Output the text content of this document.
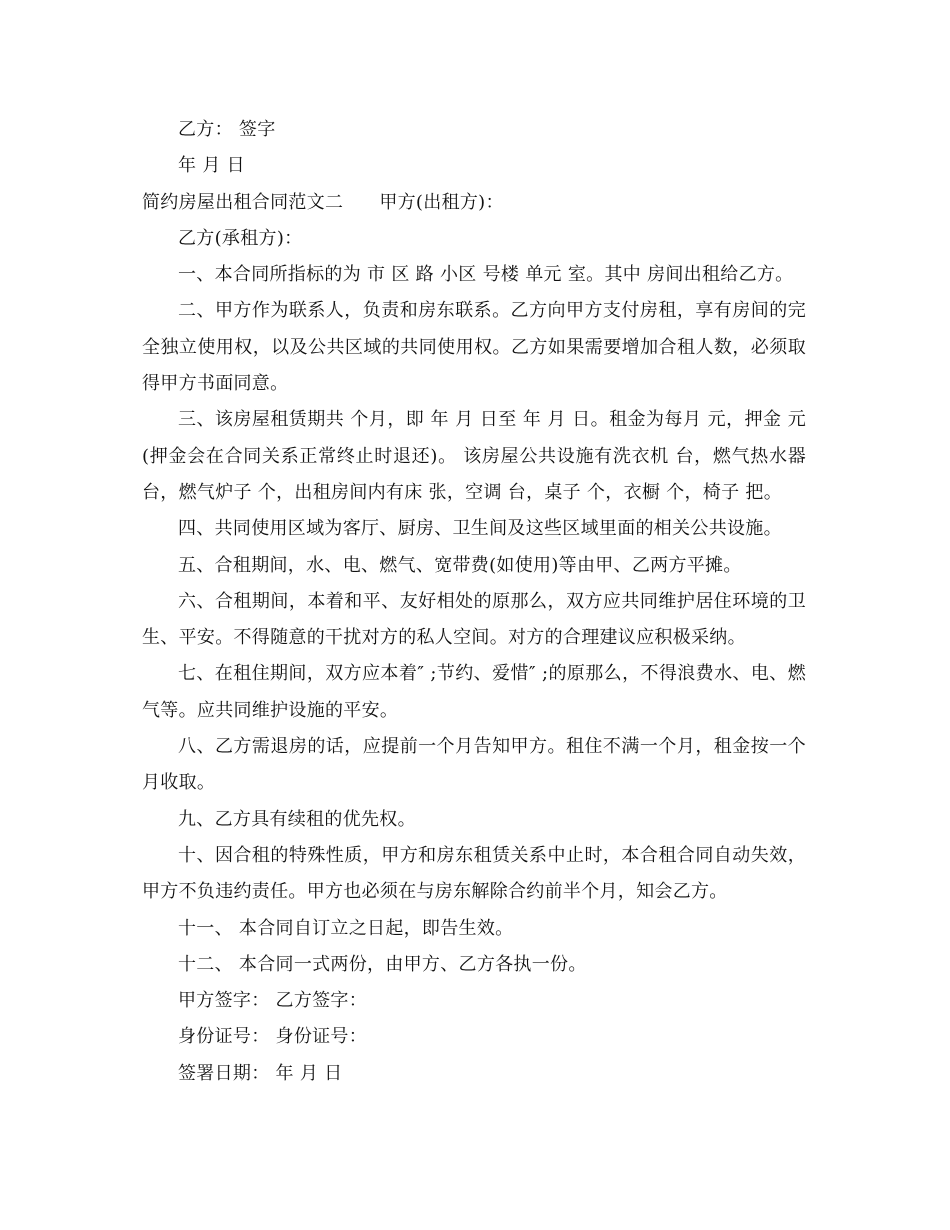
乙方： 签字

年 月 日

简约房屋出租合同范文二 甲方(出租方)：

乙方(承租方)：

一、本合同所指标的为 市 区 路 小区 号楼 单元 室。其中 房间出租给乙方。

二、甲方作为联系人，负责和房东联系。乙方向甲方支付房租，享有房间的完全独立使用权，以及公共区域的共同使用权。乙方如果需要增加合租人数，必须取得甲方书面同意。

三、该房屋租赁期共 个月，即 年 月 日至 年 月 日。租金为每月 元，押金 元(押金会在合同关系正常终止时退还)。 该房屋公共设施有洗衣机 台，燃气热水器 台，燃气炉子 个，出租房间内有床 张，空调 台，桌子 个，衣橱 个，椅子 把。

四、共同使用区域为客厅、厨房、卫生间及这些区域里面的相关公共设施。

五、合租期间，水、电、燃气、宽带费(如使用)等由甲、乙两方平摊。

六、合租期间，本着和平、友好相处的原那么，双方应共同维护居住环境的卫生、平安。不得随意的干扰对方的私人空间。对方的合理建议应积极采纳。

七、在租住期间，双方应本着″ ;节约、爱惜″ ;的原那么，不得浪费水、电、燃气等。应共同维护设施的平安。

八、乙方需退房的话，应提前一个月告知甲方。租住不满一个月，租金按一个月收取。

九、乙方具有续租的优先权。

十、因合租的特殊性质，甲方和房东租赁关系中止时，本合租合同自动失效，甲方不负违约责任。甲方也必须在与房东解除合约前半个月，知会乙方。

十一、 本合同自订立之日起，即告生效。

十二、 本合同一式两份，由甲方、乙方各执一份。

甲方签字： 乙方签字：

身份证号： 身份证号：

签署日期： 年 月 日
